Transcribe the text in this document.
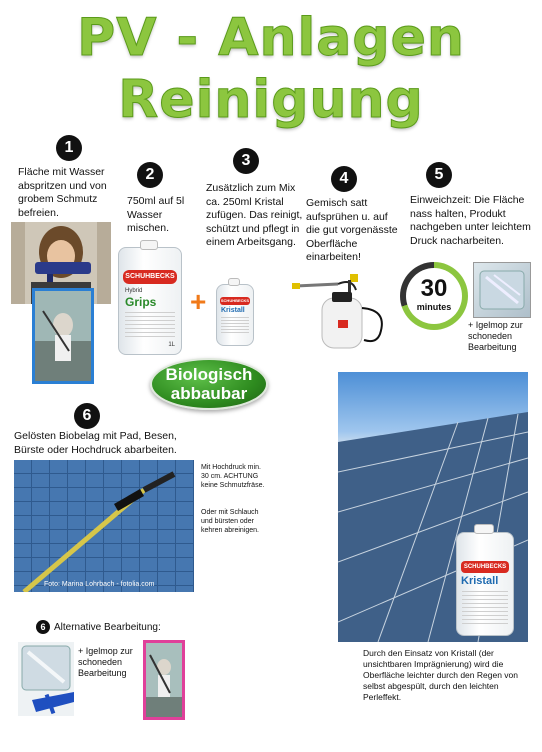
PV - Anlagen
Reinigung
1
Fläche mit Wasser abspritzen und von grobem Schmutz befreien.
2
750ml auf 5l Wasser mischen.
SCHUHBECKS
Hybrid
Grips
1L
+
3
Zusätzlich zum Mix ca. 250ml Kristal zufügen. Das reinigt, schützt und pflegt in einem Arbeitsgang.
SCHUHBECKS
Kristall
Biologisch
abbaubar
4
Gemisch satt aufsprühen u. auf die gut vorgenässte Oberfläche einarbeiten!
5
Einweichzeit: Die Fläche nass halten, Produkt nachgeben unter leichtem Druck nacharbeiten.
30
minutes
+ Igelmop zur schoneden Bearbeitung
6
Gelösten Biobelag mit Pad, Besen, Bürste oder Hochdruck abarbeiten.
Foto: Marina Lohrbach - fotolia.com
Mit Hochdruck min. 30 cm. ACHTUNG keine Schmutzfräse.
Oder mit Schlauch und bürsten oder kehren abreinigen.
SCHUHBECKS
Kristall
Durch den Einsatz von Kristall (der unsichtbaren Imprägnierung) wird die Oberfläche leichter durch den Regen von selbst abgespült, durch den leichten Perleffekt.
6 Alternative Bearbeitung:
+ Igelmop zur schoneden Bearbeitung
